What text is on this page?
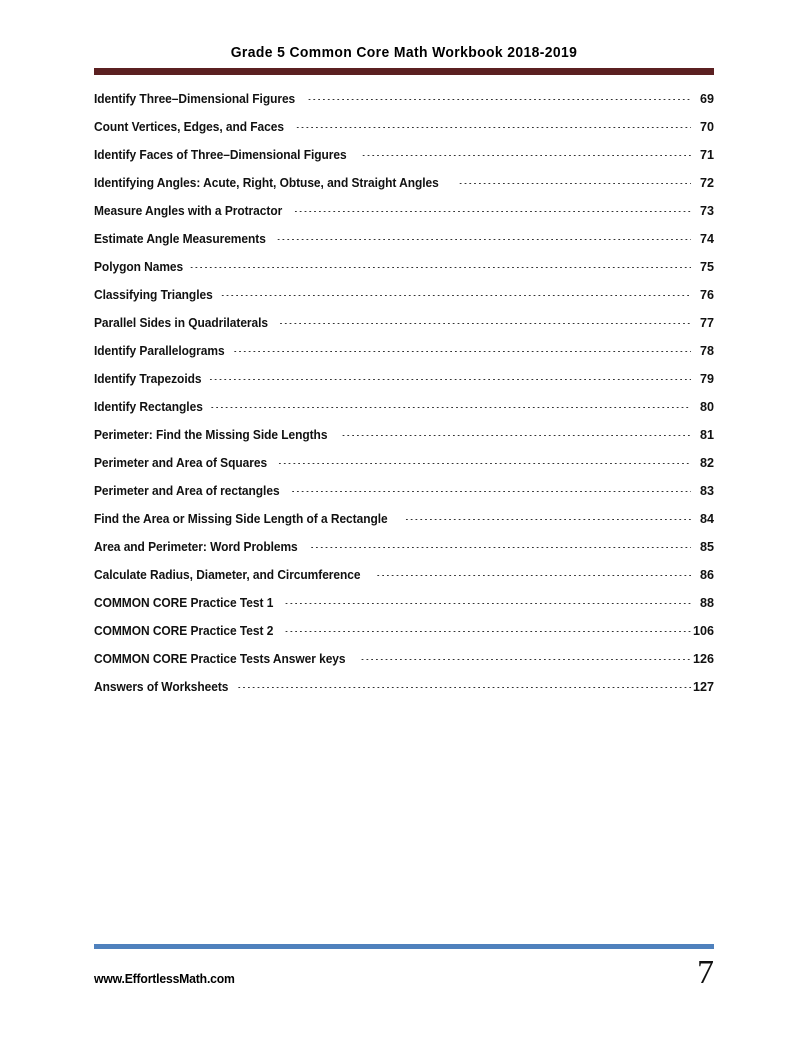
Grade 5 Common Core Math Workbook 2018-2019
Identify Three–Dimensional Figures . . .	69
Count Vertices, Edges, and Faces . . .	70
Identify Faces of Three–Dimensional Figures . . .	71
Identifying Angles: Acute, Right, Obtuse, and Straight Angles . . .	72
Measure Angles with a Protractor . . .	73
Estimate Angle Measurements . . .	74
Polygon Names . . .	75
Classifying Triangles . . .	76
Parallel Sides in Quadrilaterals . . .	77
Identify Parallelograms . . .	78
Identify Trapezoids . . .	79
Identify Rectangles . . .	80
Perimeter: Find the Missing Side Lengths . . .	81
Perimeter and Area of Squares . . .	82
Perimeter and Area of rectangles . . .	83
Find the Area or Missing Side Length of a Rectangle . . .	84
Area and Perimeter: Word Problems . . .	85
Calculate Radius, Diameter, and Circumference . . .	86
COMMON CORE Practice Test 1 . . .	88
COMMON CORE Practice Test 2 . . .	106
COMMON CORE Practice Tests Answer keys . . .	126
Answers of Worksheets . . .	127
www.EffortlessMath.com	7
